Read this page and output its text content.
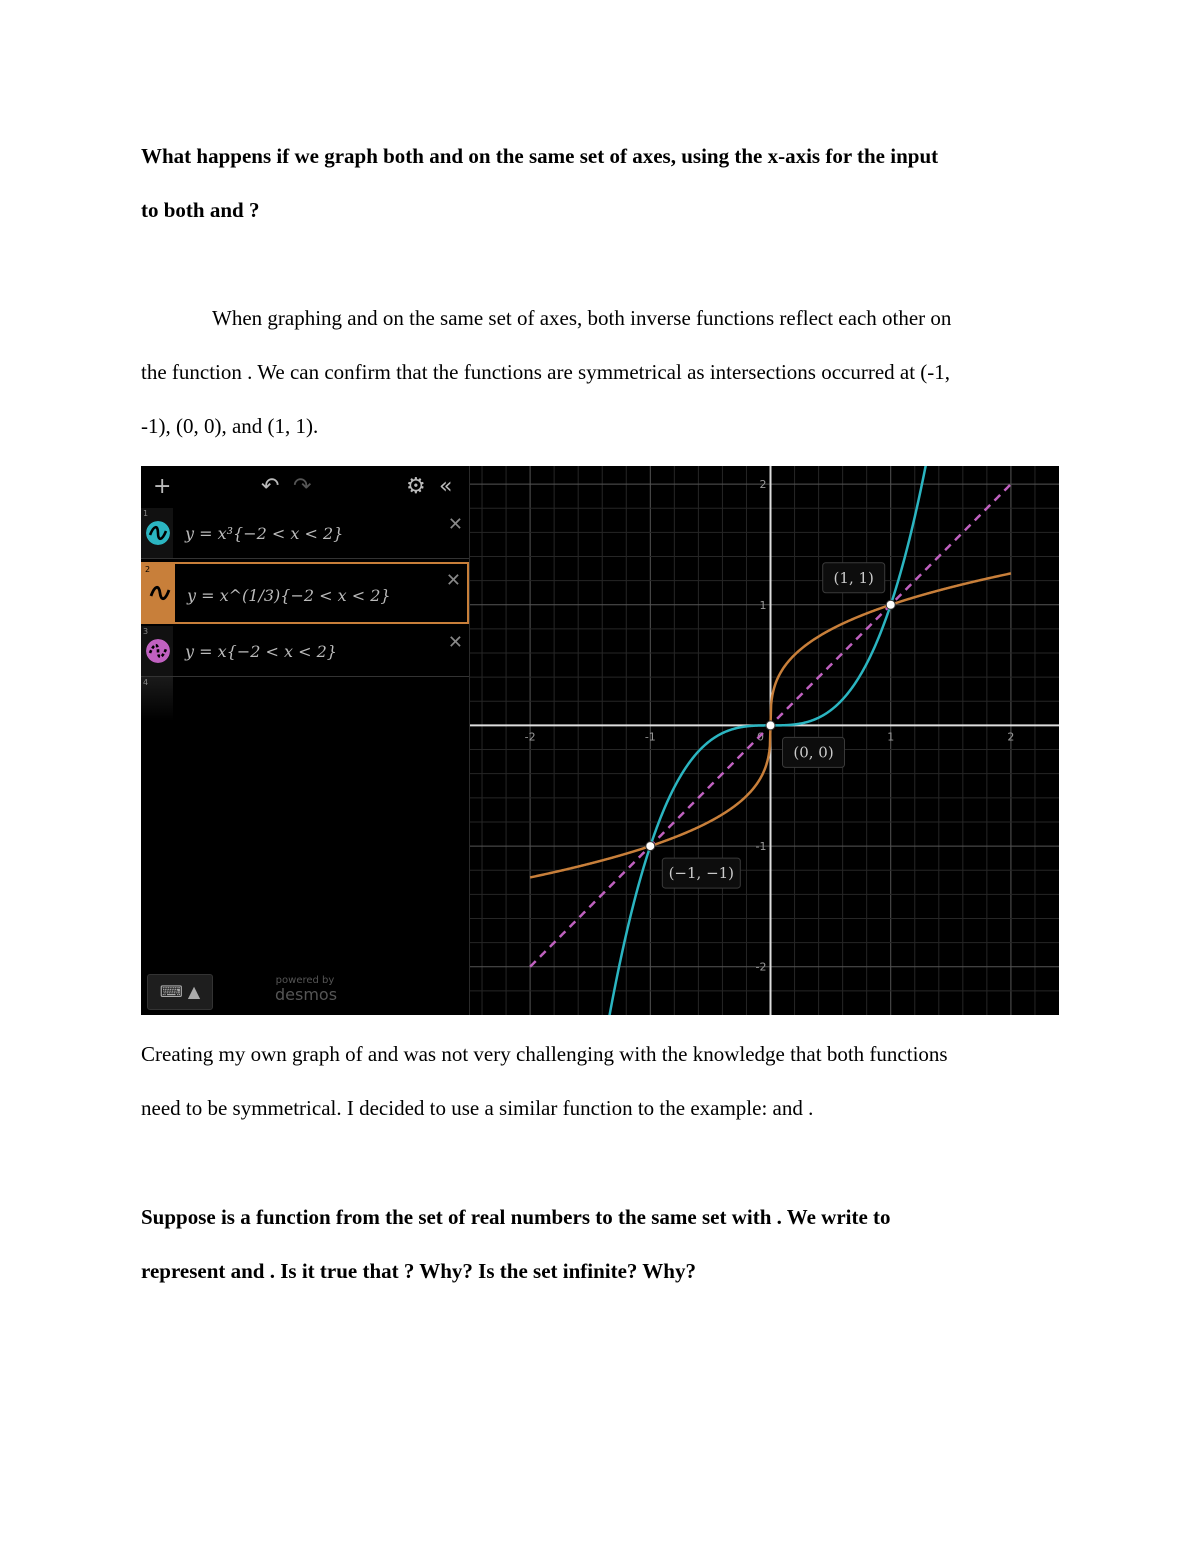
What happens if we graph both and on the same set of axes, using the x-axis for the input
to both and ?

When graphing and on the same set of axes, both inverse functions reflect each other on
the function . We can confirm that the functions are symmetrical as intersections occurred at (-1,
-1), (0, 0), and (1, 1).

+	↶ ↷	⚙ «
1
y = x³{−2 < x < 2}	✕
2
y = x^(1/3){−2 < x < 2}
✕
3
y = x{−2 < x < 2}	✕
4
⌨ ▲
powered by
desmos
-2	-1	0	1	2
-2
-1
1
2
(−1, −1)
(0, 0)
(1, 1)

Creating my own graph of and was not very challenging with the knowledge that both functions
need to be symmetrical. I decided to use a similar function to the example: and .

Suppose is a function from the set of real numbers to the same set with . We write to
represent and . Is it true that ? Why? Is the set infinite? Why?
